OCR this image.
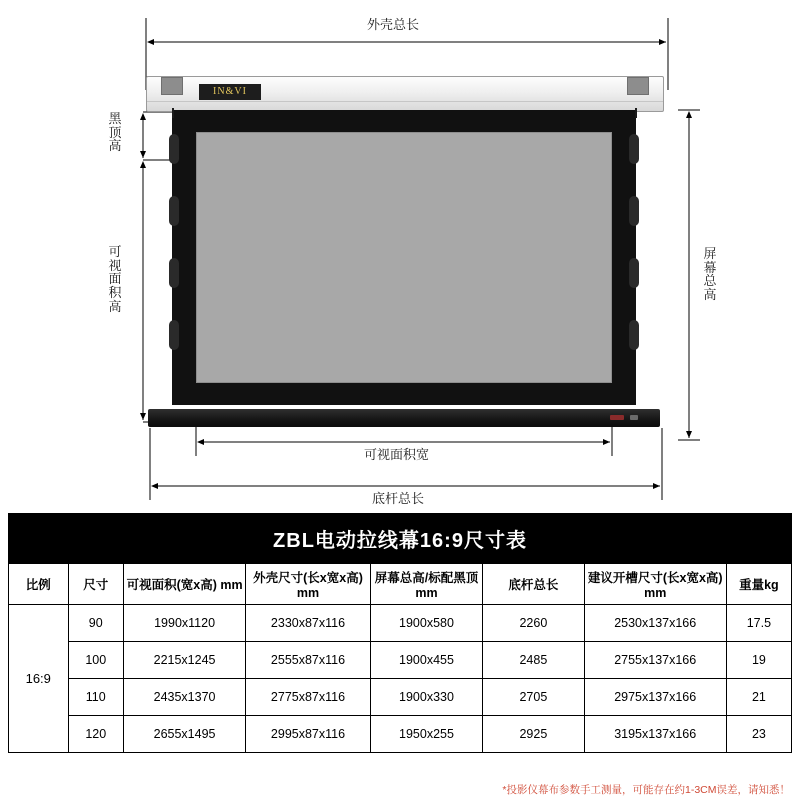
IN&VI
外壳总长
黑顶高
可视面积高
屏幕总高
可视面积宽
底杆总长
ZBL电动拉线幕16:9尺寸表							
比例	尺寸	可视面积(宽x高) mm	外壳尺寸(长x宽x高) mm	屏幕总高/标配黑顶 mm	底杆总长	建议开槽尺寸(长x宽x高) mm	重量kg
16:9	90	1990x1120	2330x87x116	1900x580	2260	2530x137x166	17.5
	100	2215x1245	2555x87x116	1900x455	2485	2755x137x166	19
	110	2435x1370	2775x87x116	1900x330	2705	2975x137x166	21
	120	2655x1495	2995x87x116	1950x255	2925	3195x137x166	23
*投影仪幕布参数手工测量，可能存在约1-3CM误差，请知悉！
